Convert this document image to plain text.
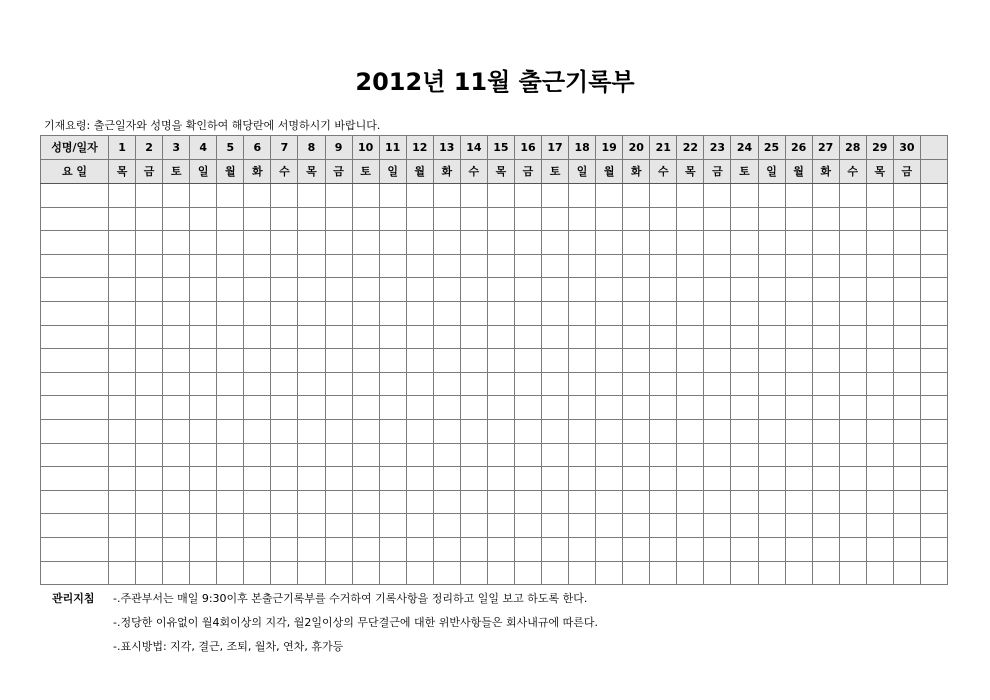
2012년 11월 출근기록부
기재요령: 출근일자와 성명을 확인하여 해당란에 서명하시기 바랍니다.
성명/일자	1	2	3	4	5	6	7	8	9	10	11	12	13	14	15	16	17	18	19	20	21	22	23	24	25	26	27	28	29	30	
요 일	목	금	토	일	월	화	수	목	금	토	일	월	화	수	목	금	토	일	월	화	수	목	금	토	일	월	화	수	목	금	

관리지침 -.주관부서는 매일 9:30이후 본출근기록부를 수거하여 기록사항을 정리하고 일일 보고 하도록 한다.
-.정당한 이유없이 월4회이상의 지각, 월2일이상의 무단결근에 대한 위반사항들은 회사내규에 따른다.
-.표시방법: 지각, 결근, 조퇴, 월차, 연차, 휴가등
